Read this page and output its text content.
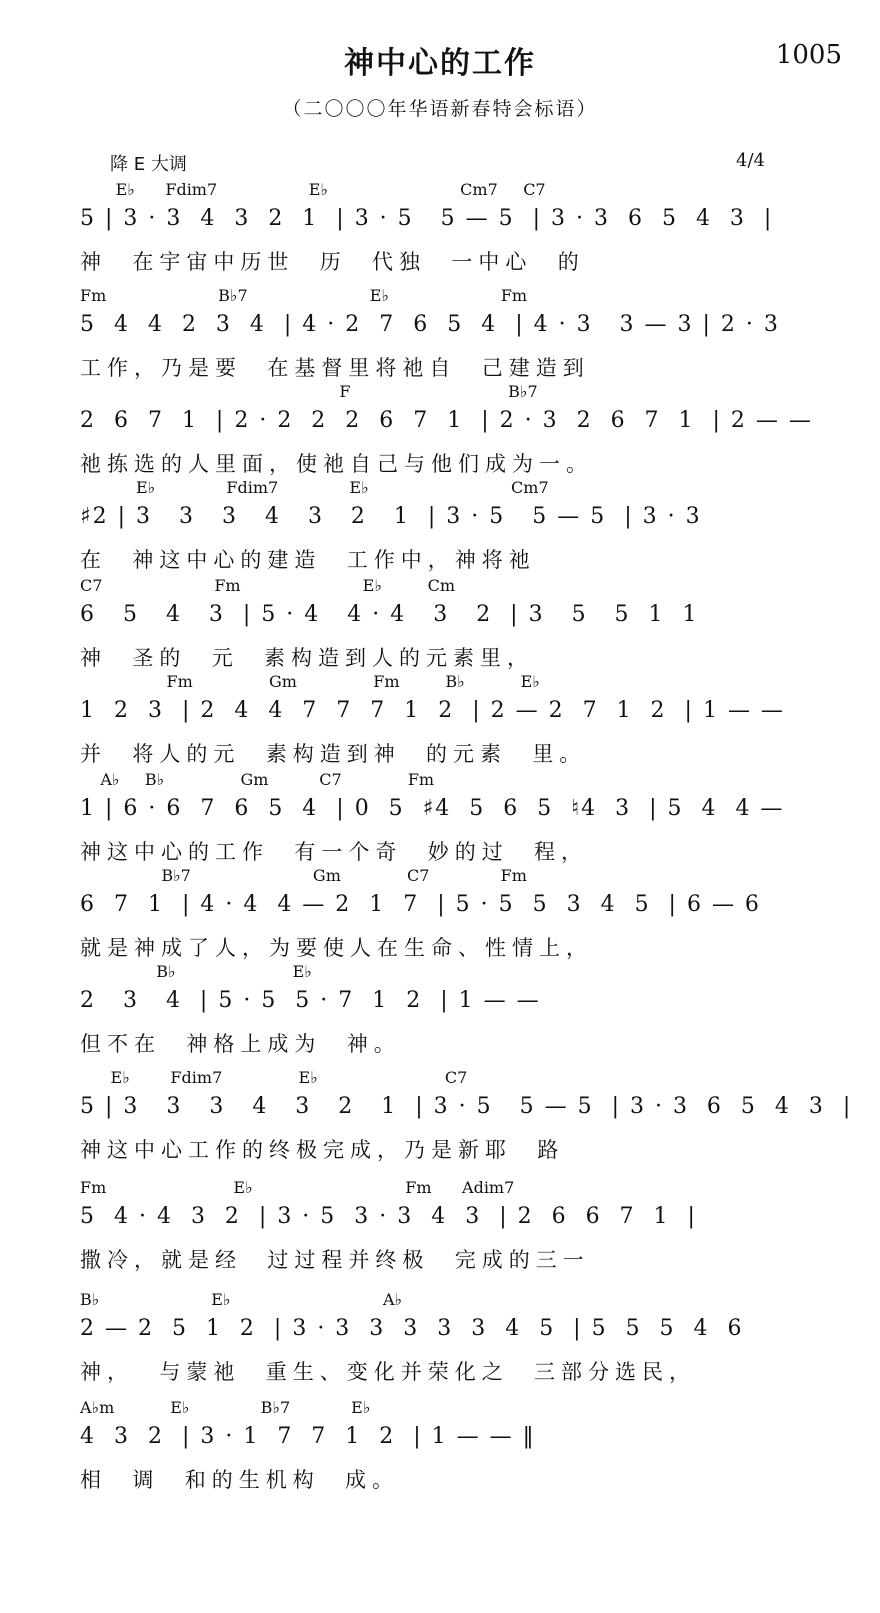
神中心的工作	1005
（二〇〇〇年华语新春特会标语）
降 E 大调	4/4
E♭      Fdim7                  E♭                          Cm7     C7
5 | 3 · 3  4  3  2  1  | 3 · 5   5 — 5  | 3 · 3  6  5  4  3  |
神  在宇宙中历世  历  代独  一中心  的
Fm                      B♭7                        E♭                      Fm
5  4  4  2  3  4  | 4 · 2  7  6  5  4  | 4 · 3   3 — 3 | 2 · 3
工作，乃是要  在基督里将祂自  己建造到
F                               B♭7
2  6  7  1  | 2 · 2  2  2  6  7  1  | 2 · 3  2  6  7  1  | 2 — —
祂拣选的人里面，使祂自己与他们成为一。
E♭              Fdim7              E♭                            Cm7
♯2 | 3   3   3   4   3   2   1  | 3 · 5   5 — 5  | 3 · 3
在  神这中心的建造  工作中，神将祂
C7                      Fm                        E♭         Cm
6   5   4   3  | 5 · 4   4 · 4   3   2  | 3   5   5  1  1
神  圣的  元  素构造到人的元素里，
Fm               Gm               Fm         B♭           E♭
1  2  3  | 2  4  4  7  7  7  1  2  | 2 — 2  7  1  2  | 1 — —
并  将人的元  素构造到神  的元素  里。
A♭     B♭               Gm          C7             Fm
1 | 6 · 6  7  6  5  4  | 0  5  ♯4  5  6  5  ♮4  3  | 5  4  4 —
神这中心的工作  有一个奇  妙的过  程，
B♭7                        Gm             C7              Fm
6  7  1  | 4 · 4  4 — 2  1  7  | 5 · 5  5  3  4  5  | 6 — 6
就是神成了人，为要使人在生命、性情上，
B♭                       E♭
2   3   4  | 5 · 5  5 · 7  1  2  | 1 — —
但不在  神格上成为  神。
E♭        Fdim7               E♭                         C7
5 | 3   3   3   4   3   2   1  | 3 · 5   5 — 5  | 3 · 3  6  5  4  3  |
神这中心工作的终极完成，乃是新耶  路
Fm                         E♭                              Fm      Adim7
5  4 · 4  3  2  | 3 · 5  3 · 3  4  3  | 2  6  6  7  1  |
撒冷，就是经  过过程并终极  完成的三一
B♭                      E♭                              A♭
2 — 2  5  1  2  | 3 · 3  3  3  3  3  4  5  | 5  5  5  4  6
神，  与蒙祂  重生、变化并荣化之  三部分选民，
A♭m           E♭              B♭7            E♭
4  3  2  | 3 · 1  7  7  1  2  | 1 — — ‖
相  调  和的生机构  成。
